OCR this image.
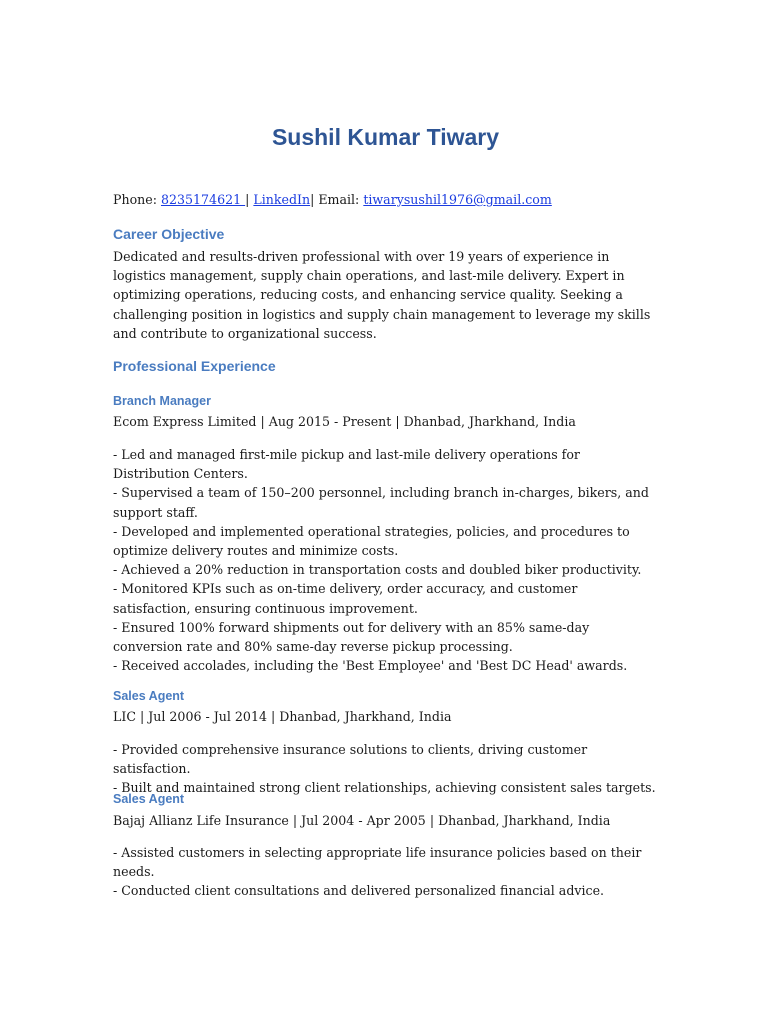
Sushil Kumar Tiwary

Phone: 8235174621 | LinkedIn| Email: tiwarysushil1976@gmail.com

Career Objective

Dedicated and results-driven professional with over 19 years of experience in logistics management, supply chain operations, and last-mile delivery. Expert in optimizing operations, reducing costs, and enhancing service quality. Seeking a challenging position in logistics and supply chain management to leverage my skills and contribute to organizational success.

Professional Experience
Branch Manager

Ecom Express Limited | Aug 2015 - Present | Dhanbad, Jharkhand, India

- Led and managed first-mile pickup and last-mile delivery operations for Distribution Centers.
- Supervised a team of 150–200 personnel, including branch in-charges, bikers, and support staff.
- Developed and implemented operational strategies, policies, and procedures to optimize delivery routes and minimize costs.
- Achieved a 20% reduction in transportation costs and doubled biker productivity.
- Monitored KPIs such as on-time delivery, order accuracy, and customer satisfaction, ensuring continuous improvement.
- Ensured 100% forward shipments out for delivery with an 85% same-day conversion rate and 80% same-day reverse pickup processing.
- Received accolades, including the 'Best Employee' and 'Best DC Head' awards.
Sales Agent

LIC | Jul 2006 - Jul 2014 | Dhanbad, Jharkhand, India

- Provided comprehensive insurance solutions to clients, driving customer satisfaction.
- Built and maintained strong client relationships, achieving consistent sales targets.
Sales Agent

Bajaj Allianz Life Insurance | Jul 2004 - Apr 2005 | Dhanbad, Jharkhand, India

- Assisted customers in selecting appropriate life insurance policies based on their needs.
- Conducted client consultations and delivered personalized financial advice.
